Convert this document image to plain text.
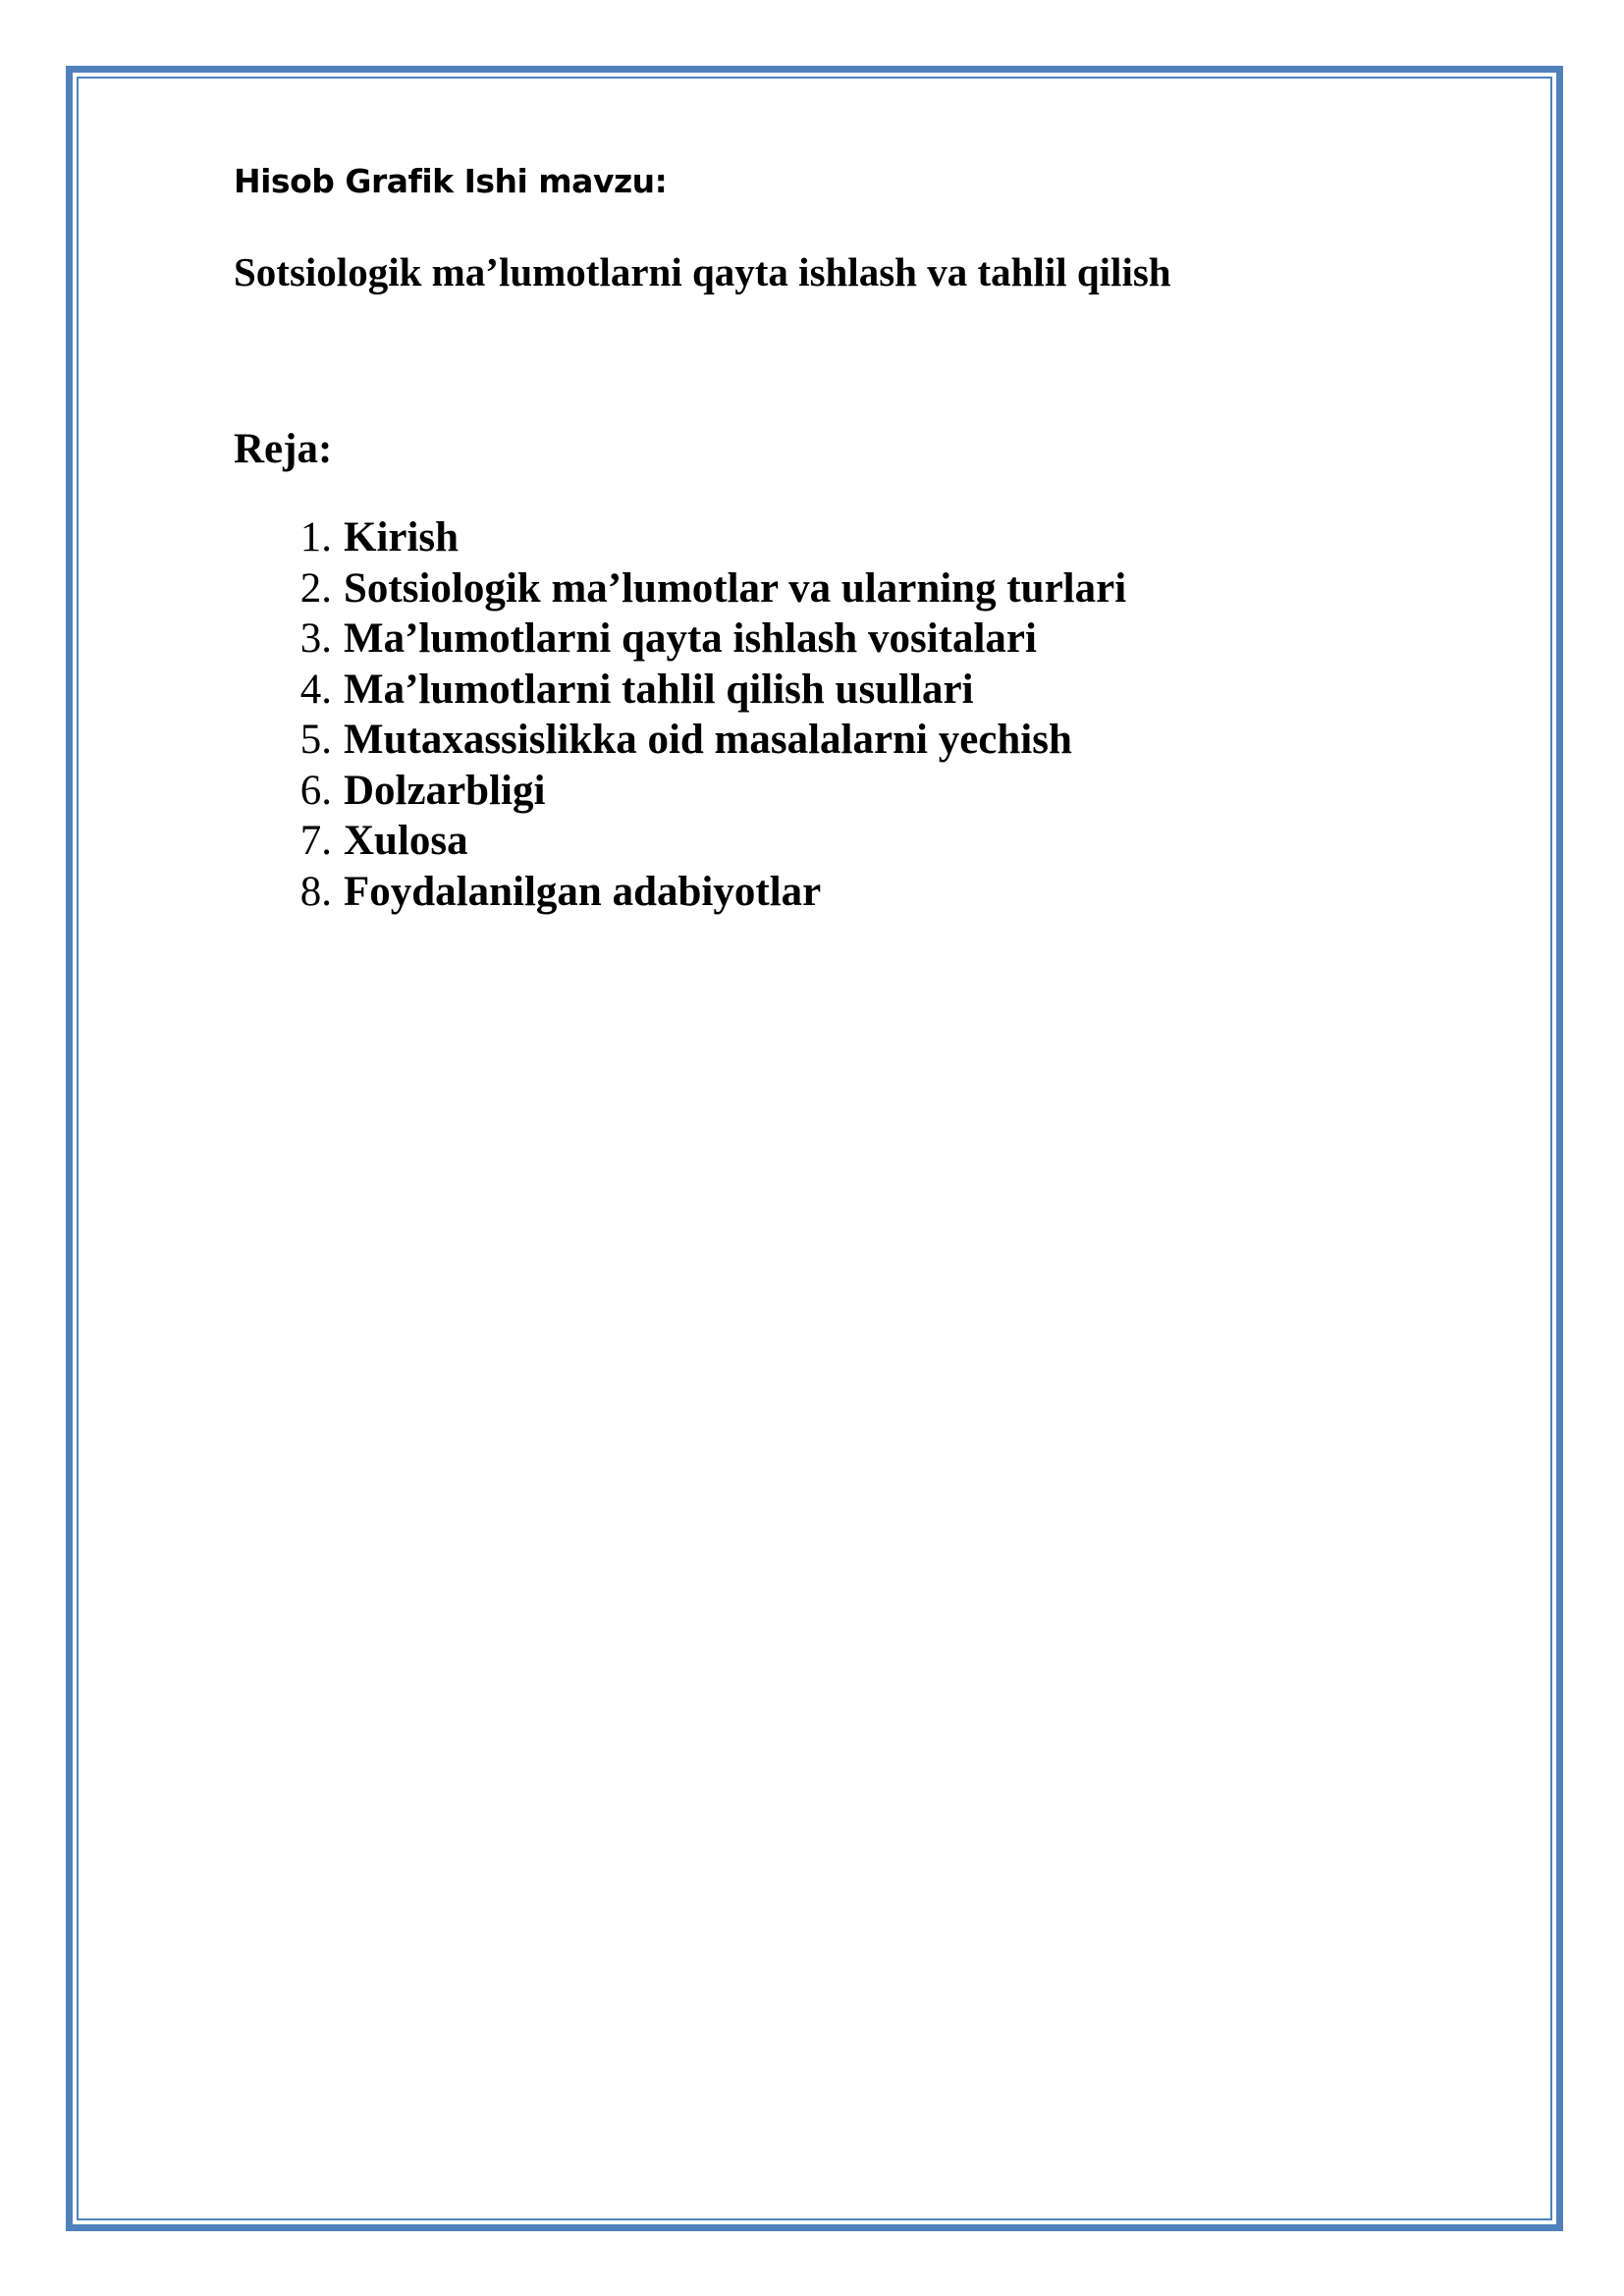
Hisob Grafik Ishi mavzu:
Sotsiologik ma’lumotlarni qayta ishlash va tahlil qilish
Reja:
1. Kirish
2. Sotsiologik ma’lumotlar va ularning turlari
3. Ma’lumotlarni qayta ishlash vositalari
4. Ma’lumotlarni tahlil qilish usullari
5. Mutaxassislikka oid masalalarni yechish
6. Dolzarbligi
7. Xulosa
8. Foydalanilgan adabiyotlar
